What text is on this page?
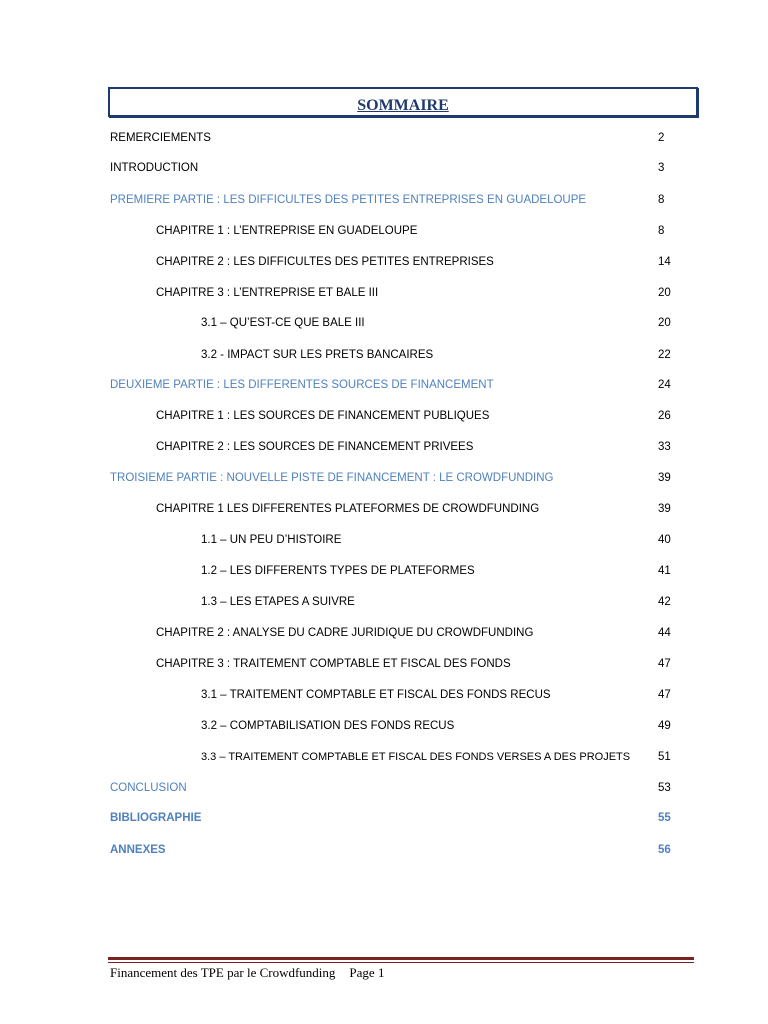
SOMMAIRE
REMERCIEMENTS	2
INTRODUCTION	3
PREMIERE PARTIE : LES DIFFICULTES DES PETITES ENTREPRISES EN GUADELOUPE	8
CHAPITRE 1 : L’ENTREPRISE EN GUADELOUPE	8
CHAPITRE 2 : LES DIFFICULTES DES PETITES ENTREPRISES	14
CHAPITRE 3 : L’ENTREPRISE ET BALE III	20
3.1 – QU’EST-CE QUE BALE III	20
3.2 - IMPACT SUR LES PRETS BANCAIRES	22
DEUXIEME PARTIE : LES DIFFERENTES SOURCES DE FINANCEMENT	24
CHAPITRE 1 : LES SOURCES DE FINANCEMENT PUBLIQUES	26
CHAPITRE 2 : LES SOURCES DE FINANCEMENT PRIVEES	33
TROISIEME PARTIE : NOUVELLE PISTE DE FINANCEMENT : LE CROWDFUNDING	39
CHAPITRE 1 LES DIFFERENTES PLATEFORMES DE CROWDFUNDING	39
1.1 – UN PEU D’HISTOIRE	40
1.2 – LES DIFFERENTS TYPES DE PLATEFORMES	41
1.3 – LES ETAPES A SUIVRE	42
CHAPITRE 2 : ANALYSE DU CADRE JURIDIQUE DU CROWDFUNDING	44
CHAPITRE 3 : TRAITEMENT COMPTABLE ET FISCAL DES FONDS	47
3.1 – TRAITEMENT COMPTABLE ET FISCAL DES FONDS RECUS	47
3.2 – COMPTABILISATION DES FONDS RECUS	49
3.3 – TRAITEMENT COMPTABLE ET FISCAL DES FONDS VERSES A DES PROJETS 51
CONCLUSION	53
BIBLIOGRAPHIE	55
ANNEXES	56
Financement des TPE par le Crowdfunding Page 1
